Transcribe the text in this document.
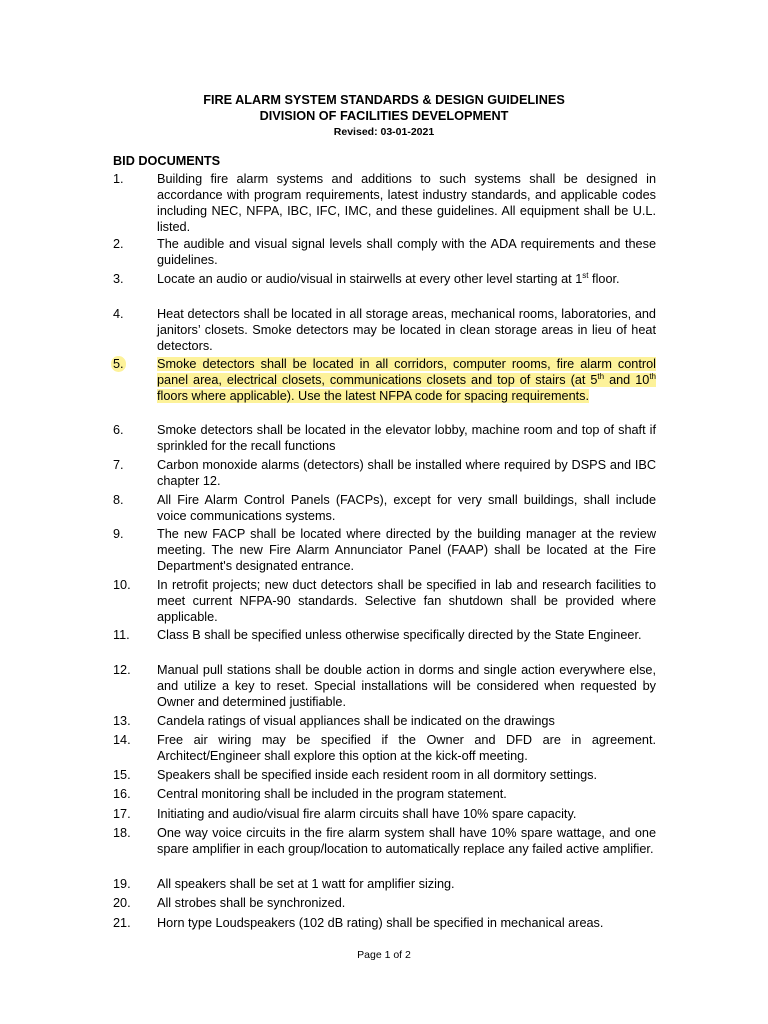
FIRE ALARM SYSTEM STANDARDS & DESIGN GUIDELINES
DIVISION OF FACILITIES DEVELOPMENT
Revised: 03-01-2021
BID DOCUMENTS
1.	Building fire alarm systems and additions to such systems shall be designed in accordance with program requirements, latest industry standards, and applicable codes including NEC, NFPA, IBC, IFC, IMC, and these guidelines. All equipment shall be U.L. listed.
2.	The audible and visual signal levels shall comply with the ADA requirements and these guidelines.
3.	Locate an audio or audio/visual in stairwells at every other level starting at 1st floor.
4.	Heat detectors shall be located in all storage areas, mechanical rooms, laboratories, and janitors’ closets. Smoke detectors may be located in clean storage areas in lieu of heat detectors.
5.	Smoke detectors shall be located in all corridors, computer rooms, fire alarm control panel area, electrical closets, communications closets and top of stairs (at 5th and 10th floors where applicable). Use the latest NFPA code for spacing requirements.
6.	Smoke detectors shall be located in the elevator lobby, machine room and top of shaft if sprinkled for the recall functions
7.	Carbon monoxide alarms (detectors) shall be installed where required by DSPS and IBC chapter 12.
8.	All Fire Alarm Control Panels (FACPs), except for very small buildings, shall include voice communications systems.
9.	The new FACP shall be located where directed by the building manager at the review meeting. The new Fire Alarm Annunciator Panel (FAAP) shall be located at the Fire Department's designated entrance.
10. In retrofit projects; new duct detectors shall be specified in lab and research facilities to meet current NFPA-90 standards. Selective fan shutdown shall be provided where applicable.
11. Class B shall be specified unless otherwise specifically directed by the State Engineer.
12. Manual pull stations shall be double action in dorms and single action everywhere else, and utilize a key to reset. Special installations will be considered when requested by Owner and determined justifiable.
13. Candela ratings of visual appliances shall be indicated on the drawings
14. Free air wiring may be specified if the Owner and DFD are in agreement. Architect/Engineer shall explore this option at the kick-off meeting.
15. Speakers shall be specified inside each resident room in all dormitory settings.
16. Central monitoring shall be included in the program statement.
17. Initiating and audio/visual fire alarm circuits shall have 10% spare capacity.
18. One way voice circuits in the fire alarm system shall have 10% spare wattage, and one spare amplifier in each group/location to automatically replace any failed active amplifier.
19. All speakers shall be set at 1 watt for amplifier sizing.
20. All strobes shall be synchronized.
21. Horn type Loudspeakers (102 dB rating) shall be specified in mechanical areas.
Page 1 of 2
